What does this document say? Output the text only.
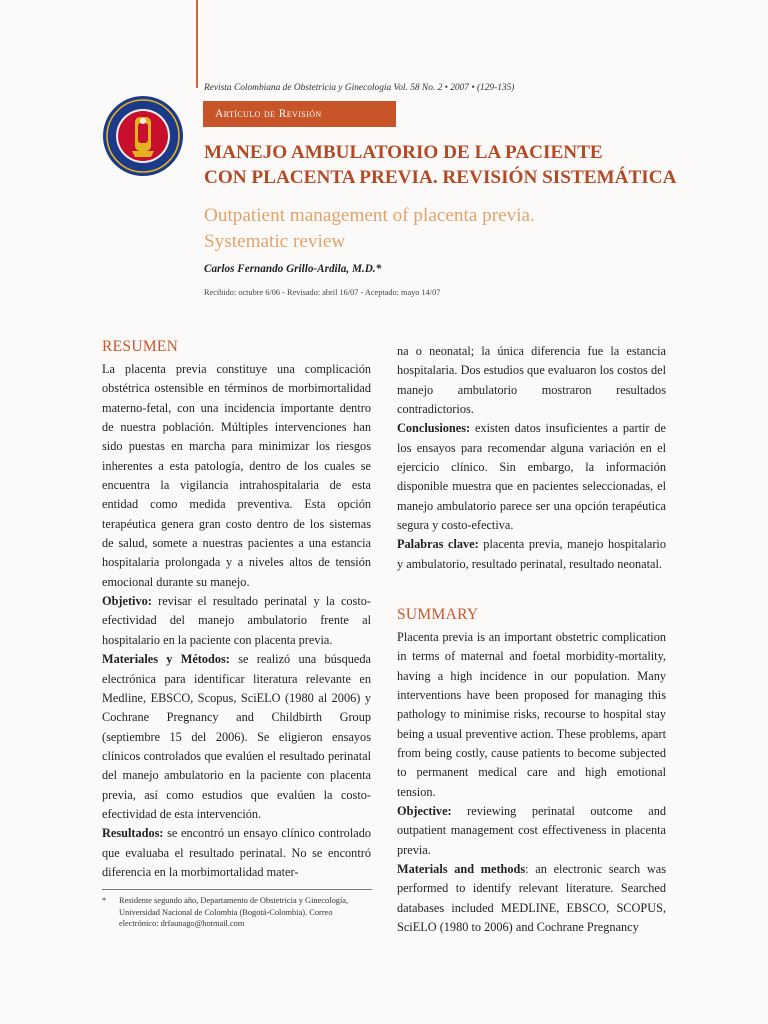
Revista Colombiana de Obstetricia y Ginecología Vol. 58 No. 2 • 2007 • (129-135)
Artículo de Revisión
MANEJO AMBULATORIO DE LA PACIENTE
CON PLACENTA PREVIA. REVISIÓN SISTEMÁTICA
Outpatient management of placenta previa.
Systematic review
Carlos Fernando Grillo-Ardila, M.D.*
Recibido: octubre 6/06 - Revisado: abril 16/07 - Aceptado: mayo 14/07
RESUMEN

La placenta previa constituye una complicación obstétrica ostensible en términos de morbimortalidad materno-fetal, con una incidencia importante dentro de nuestra población. Múltiples intervenciones han sido puestas en marcha para minimizar los riesgos inherentes a esta patología, dentro de los cuales se encuentra la vigilancia intrahospitalaria de esta entidad como medida preventiva. Esta opción terapéutica genera gran costo dentro de los sistemas de salud, somete a nuestras pacientes a una estancia hospitalaria prolongada y a niveles altos de tensión emocional durante su manejo.

Objetivo: revisar el resultado perinatal y la costo-efectividad del manejo ambulatorio frente al hospitalario en la paciente con placenta previa.

Materiales y Métodos: se realizó una búsqueda electrónica para identificar literatura relevante en Medline, EBSCO, Scopus, SciELO (1980 al 2006) y Cochrane Pregnancy and Childbirth Group (septiembre 15 del 2006). Se eligieron ensayos clínicos controlados que evalúen el resultado perinatal del manejo ambulatorio en la paciente con placenta previa, así como estudios que evalúen la costo-efectividad de esta intervención.

Resultados: se encontró un ensayo clínico controlado que evaluaba el resultado perinatal. No se encontró diferencia en la morbimortalidad mater-

* Residente segundo año, Departamento de Obstetricia y Ginecología, Universidad Nacional de Colombia (Bogotá-Colombia). Correo electrónico: drfaunago@hotmail.com

na o neonatal; la única diferencia fue la estancia hospitalaria. Dos estudios que evaluaron los costos del manejo ambulatorio mostraron resultados contradictorios.

Conclusiones: existen datos insuficientes a partir de los ensayos para recomendar alguna variación en el ejercicio clínico. Sin embargo, la información disponible muestra que en pacientes seleccionadas, el manejo ambulatorio parece ser una opción terapéutica segura y costo-efectiva.

Palabras clave: placenta previa, manejo hospitalario y ambulatorio, resultado perinatal, resultado neonatal.

SUMMARY

Placenta previa is an important obstetric complication in terms of maternal and foetal morbidity-mortality, having a high incidence in our population. Many interventions have been proposed for managing this pathology to minimise risks, recourse to hospital stay being a usual preventive action. These problems, apart from being costly, cause patients to become subjected to permanent medical care and high emotional tension.

Objective: reviewing perinatal outcome and outpatient management cost effectiveness in placenta previa.

Materials and methods: an electronic search was performed to identify relevant literature. Searched databases included MEDLINE, EBSCO, SCOPUS, SciELO (1980 to 2006) and Cochrane Pregnancy
